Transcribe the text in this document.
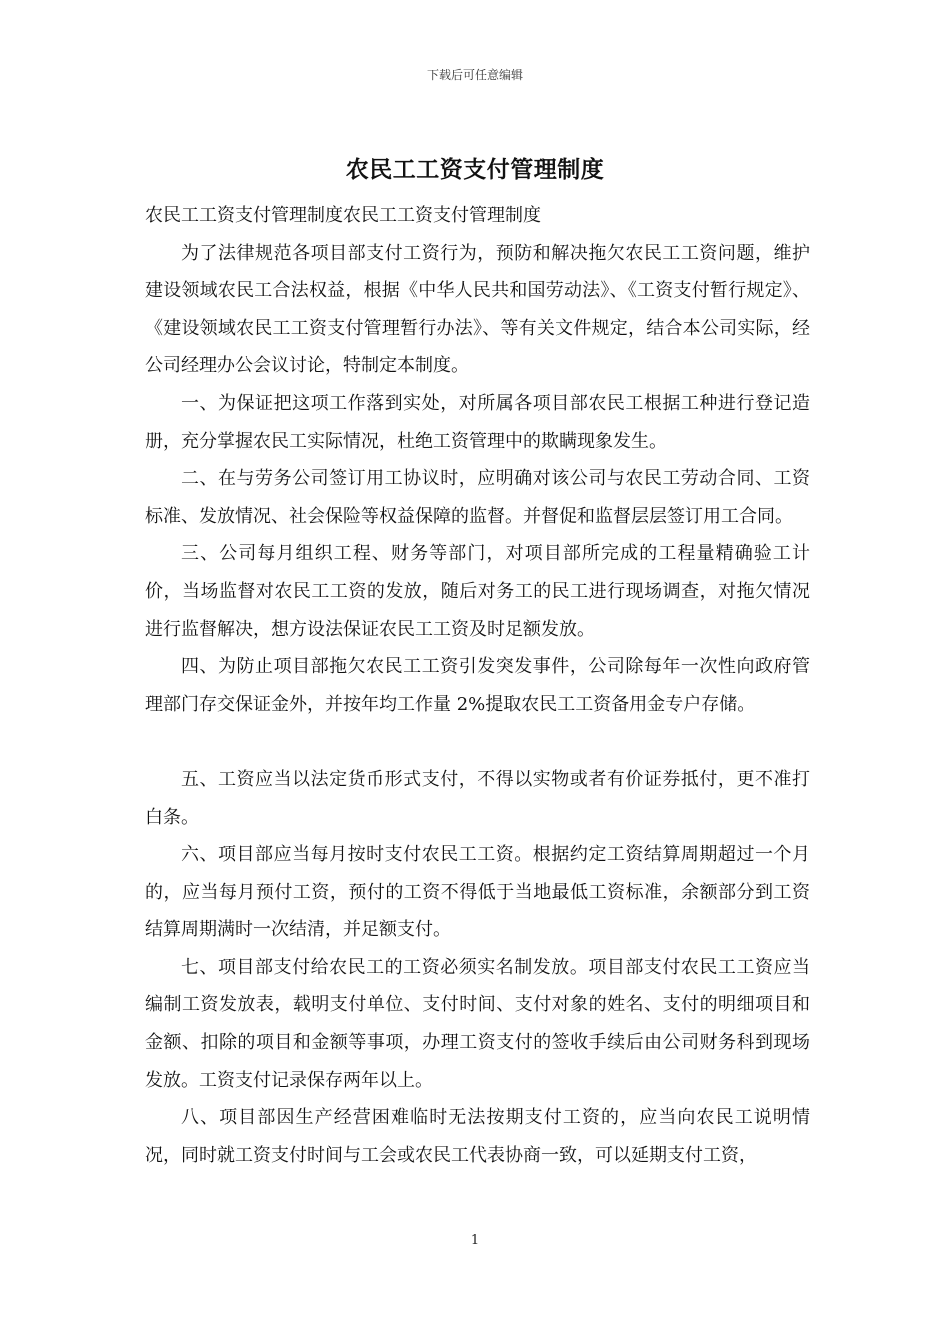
下载后可任意编辑
农民工工资支付管理制度

农民工工资支付管理制度农民工工资支付管理制度

为了法律规范各项目部支付工资行为，预防和解决拖欠农民工工资问题，维护建设领域农民工合法权益，根据《中华人民共和国劳动法》、《工资支付暂行规定》、《建设领域农民工工资支付管理暂行办法》、等有关文件规定，结合本公司实际，经公司经理办公会议讨论，特制定本制度。

一、为保证把这项工作落到实处，对所属各项目部农民工根据工种进行登记造册，充分掌握农民工实际情况，杜绝工资管理中的欺瞒现象发生。

二、在与劳务公司签订用工协议时，应明确对该公司与农民工劳动合同、工资标准、发放情况、社会保险等权益保障的监督。并督促和监督层层签订用工合同。

三、公司每月组织工程、财务等部门，对项目部所完成的工程量精确验工计价，当场监督对农民工工资的发放，随后对务工的民工进行现场调查，对拖欠情况进行监督解决，想方设法保证农民工工资及时足额发放。

四、为防止项目部拖欠农民工工资引发突发事件，公司除每年一次性向政府管理部门存交保证金外，并按年均工作量 2%提取农民工工资备用金专户存储。

五、工资应当以法定货币形式支付，不得以实物或者有价证券抵付，更不准打白条。

六、项目部应当每月按时支付农民工工资。根据约定工资结算周期超过一个月的，应当每月预付工资，预付的工资不得低于当地最低工资标准，余额部分到工资结算周期满时一次结清，并足额支付。

七、项目部支付给农民工的工资必须实名制发放。项目部支付农民工工资应当编制工资发放表，载明支付单位、支付时间、支付对象的姓名、支付的明细项目和金额、扣除的项目和金额等事项，办理工资支付的签收手续后由公司财务科到现场发放。工资支付记录保存两年以上。

八、项目部因生产经营困难临时无法按期支付工资的，应当向农民工说明情况，同时就工资支付时间与工会或农民工代表协商一致，可以延期支付工资，

1
